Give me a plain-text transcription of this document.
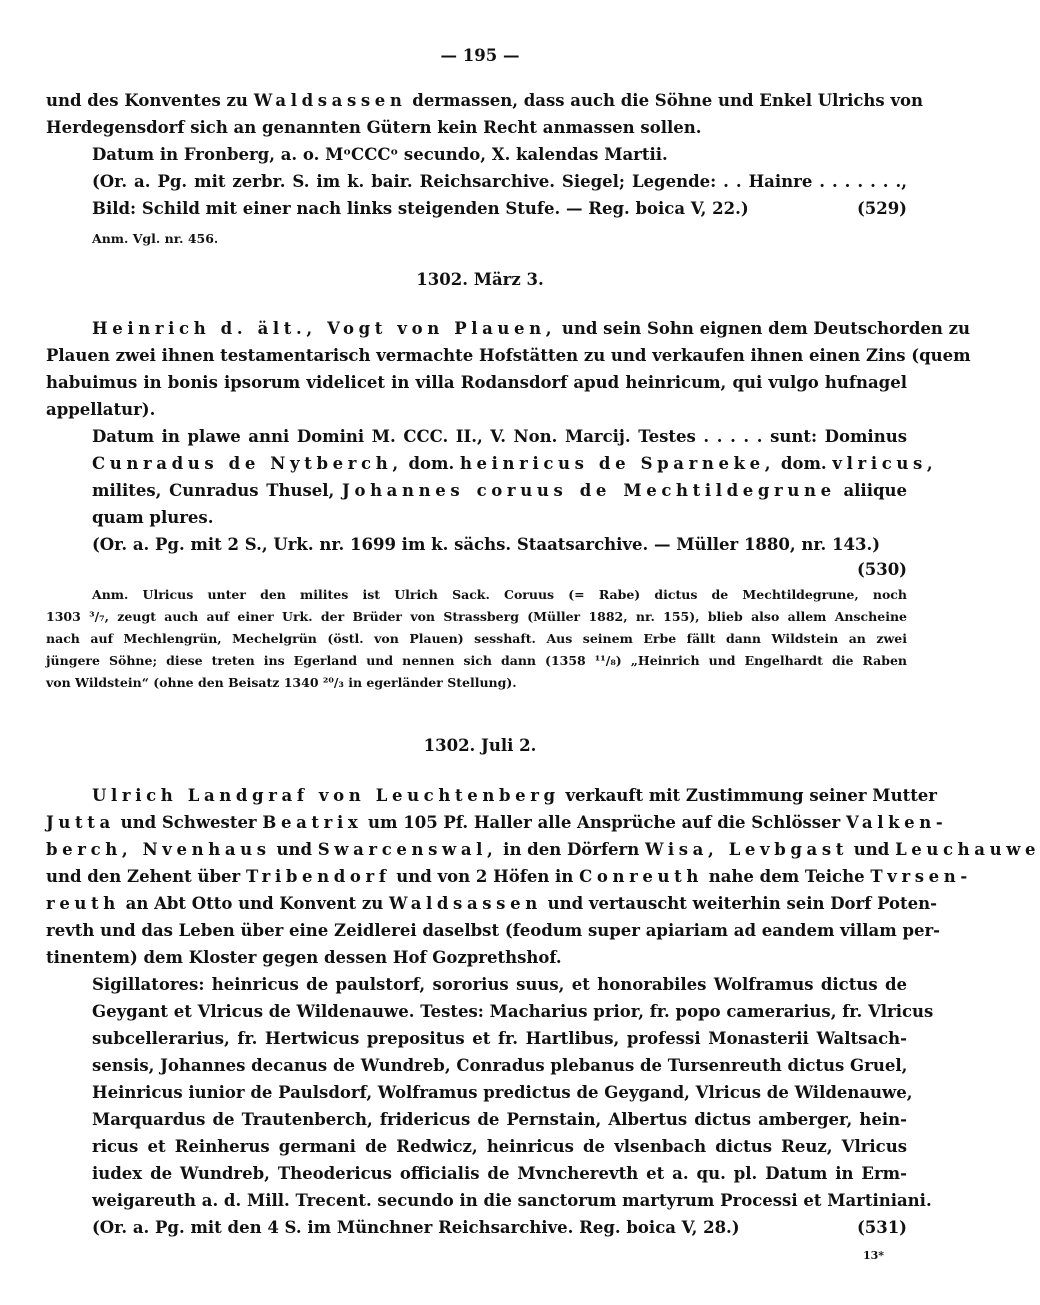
— 195 —
und des Konventes zu Waldsassen dermassen, dass auch die Söhne und Enkel Ulrichs von
Herdegensdorf sich an genannten Gütern kein Recht anmassen sollen.
Datum in Fronberg, a. o. MᵒCCCᵒ secundo, X. kalendas Martii.
(Or. a. Pg. mit zerbr. S. im k. bair. Reichsarchive. Siegel; Legende: . . Hainre . . . . . . .,
Bild: Schild mit einer nach links steigenden Stufe. — Reg. boica V, 22.)	(529)
Anm. Vgl. nr. 456.
1302. März 3.
Heinrich d. ält., Vogt von Plauen, und sein Sohn eignen dem Deutschorden zu
Plauen zwei ihnen testamentarisch vermachte Hofstätten zu und verkaufen ihnen einen Zins (quem
habuimus in bonis ipsorum videlicet in villa Rodansdorf apud heinricum, qui vulgo hufnagel
appellatur).
Datum in plawe anni Domini M. CCC. II., V. Non. Marcij. Testes . . . . . sunt: Dominus
Cunradus de Nytberch, dom. heinricus de Sparneke, dom. vlricus,
milites, Cunradus Thusel, Johannes coruus de Mechtildegrune aliique
quam plures.
(Or. a. Pg. mit 2 S., Urk. nr. 1699 im k. sächs. Staatsarchive. — Müller 1880, nr. 143.)
(530)
Anm. Ulricus unter den milites ist Ulrich Sack. Coruus (= Rabe) dictus de Mechtildegrune, noch
1303 ³/₇, zeugt auch auf einer Urk. der Brüder von Strassberg (Müller 1882, nr. 155), blieb also allem Anscheine
nach auf Mechlengrün, Mechelgrün (östl. von Plauen) sesshaft. Aus seinem Erbe fällt dann Wildstein an zwei
jüngere Söhne; diese treten ins Egerland und nennen sich dann (1358 ¹¹/₈) „Heinrich und Engelhardt die Raben
von Wildstein“ (ohne den Beisatz 1340 ²⁰/₃ in egerländer Stellung).
1302. Juli 2.
Ulrich Landgraf von Leuchtenberg verkauft mit Zustimmung seiner Mutter
Jutta und Schwester Beatrix um 105 Pf. Haller alle Ansprüche auf die Schlösser Valken-
berch, Nvenhaus und Swarcenswal, in den Dörfern Wisa, Levbgast und Leuchauwe
und den Zehent über Tribendorf und von 2 Höfen in Conreuth nahe dem Teiche Tvrsen-
reuth an Abt Otto und Konvent zu Waldsassen und vertauscht weiterhin sein Dorf Poten-
revth und das Leben über eine Zeidlerei daselbst (feodum super apiariam ad eandem villam per-
tinentem) dem Kloster gegen dessen Hof Gozprethshof.
Sigillatores: heinricus de paulstorf, sororius suus, et honorabiles Wolframus dictus de
Geygant et Vlricus de Wildenauwe. Testes: Macharius prior, fr. popo camerarius, fr. Vlricus
subcellerarius, fr. Hertwicus prepositus et fr. Hartlibus, professi Monasterii Waltsach-
sensis, Johannes decanus de Wundreb, Conradus plebanus de Tursenreuth dictus Gruel,
Heinricus iunior de Paulsdorf, Wolframus predictus de Geygand, Vlricus de Wildenauwe,
Marquardus de Trautenberch, fridericus de Pernstain, Albertus dictus amberger, hein-
ricus et Reinherus germani de Redwicz, heinricus de vlsenbach dictus Reuz, Vlricus
iudex de Wundreb, Theodericus officialis de Mvncherevth et a. qu. pl. Datum in Erm-
weigareuth a. d. Mill. Trecent. secundo in die sanctorum martyrum Processi et Martiniani.
(Or. a. Pg. mit den 4 S. im Münchner Reichsarchive. Reg. boica V, 28.)	(531)
13*
